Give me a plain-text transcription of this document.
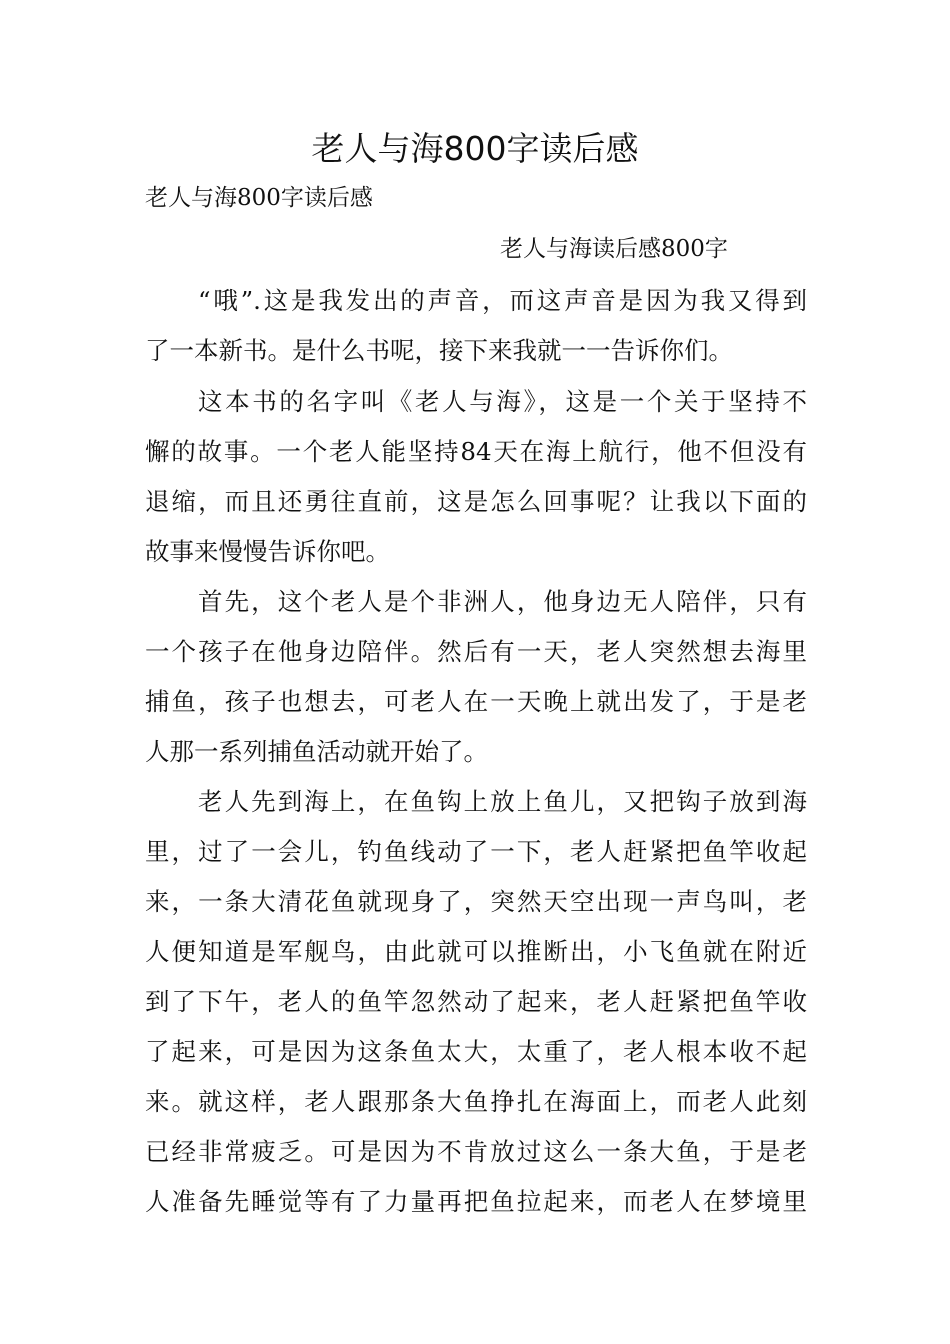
老人与海800字读后感
老人与海800字读后感
老人与海读后感800字
“哦”.这是我发出的声音，而这声音是因为我又得到
了一本新书。是什么书呢，接下来我就一一告诉你们。
这本书的名字叫《老人与海》，这是一个关于坚持不
懈的故事。一个老人能坚持84天在海上航行，他不但没有
退缩，而且还勇往直前，这是怎么回事呢？让我以下面的
故事来慢慢告诉你吧。
首先，这个老人是个非洲人，他身边无人陪伴，只有
一个孩子在他身边陪伴。然后有一天，老人突然想去海里
捕鱼，孩子也想去，可老人在一天晚上就出发了，于是老
人那一系列捕鱼活动就开始了。
老人先到海上，在鱼钩上放上鱼儿，又把钩子放到海
里，过了一会儿，钓鱼线动了一下，老人赶紧把鱼竿收起
来，一条大清花鱼就现身了，突然天空出现一声鸟叫，老
人便知道是军舰鸟，由此就可以推断出，小飞鱼就在附近
到了下午，老人的鱼竿忽然动了起来，老人赶紧把鱼竿收
了起来，可是因为这条鱼太大，太重了，老人根本收不起
来。就这样，老人跟那条大鱼挣扎在海面上，而老人此刻
已经非常疲乏。可是因为不肯放过这么一条大鱼，于是老
人准备先睡觉等有了力量再把鱼拉起来，而老人在梦境里
